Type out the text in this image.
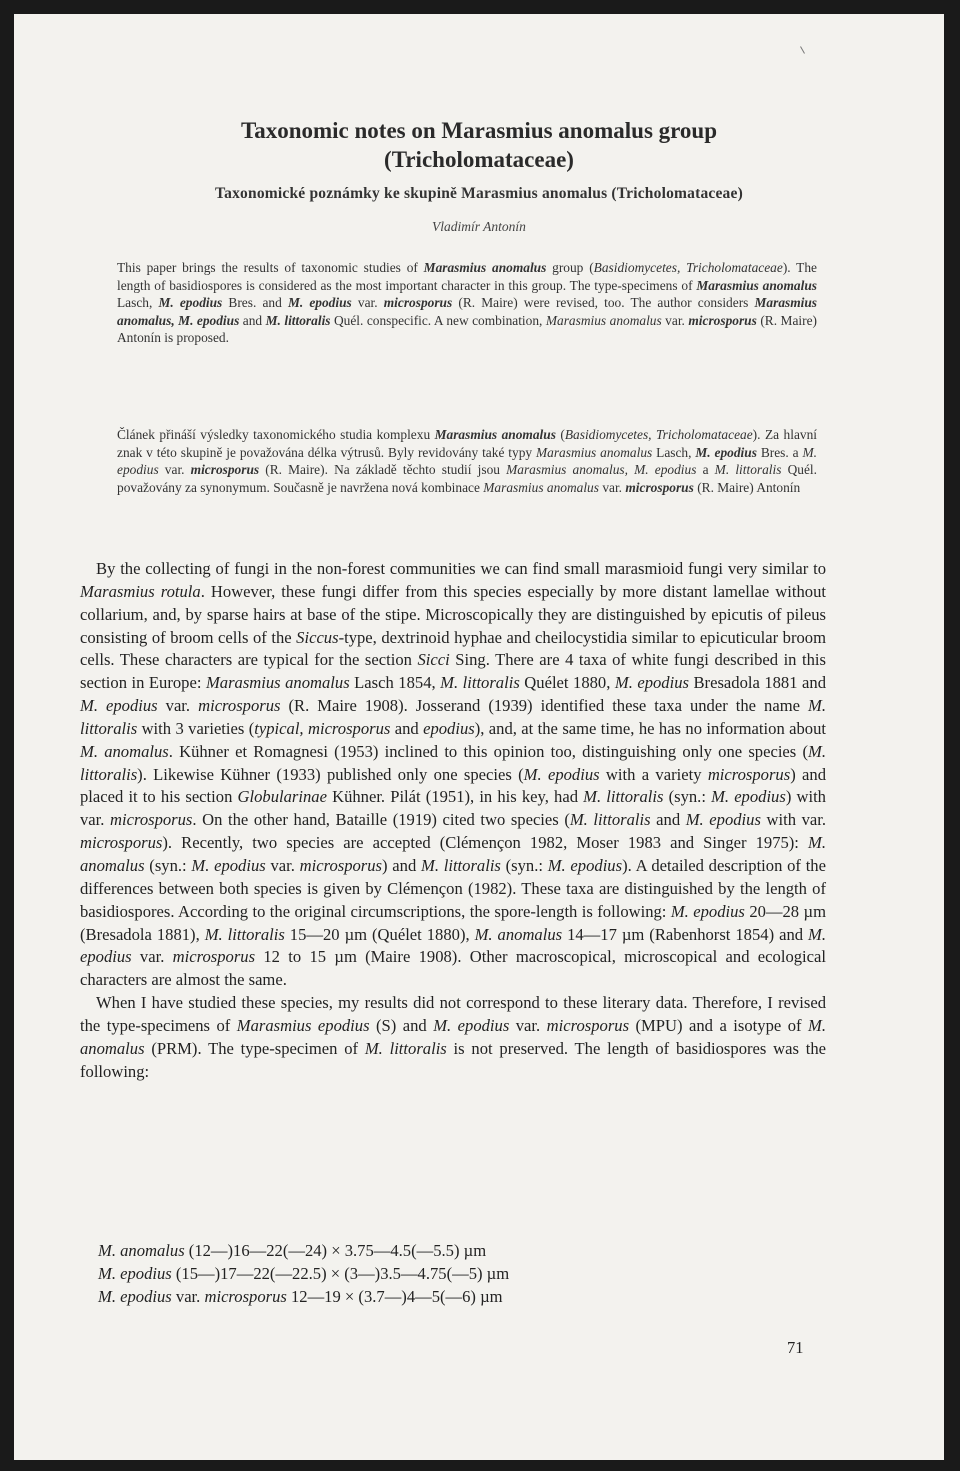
Taxonomic notes on Marasmius anomalus group
(Tricholomataceae)
Taxonomické poznámky ke skupině Marasmius anomalus (Tricholomataceae)
Vladimír Antonín
This paper brings the results of taxonomic studies of Marasmius anomalus group (Basidiomycetes, Tricholomataceae). The length of basidiospores is considered as the most important character in this group. The type-specimens of Marasmius anomalus Lasch, M. epodius Bres. and M. epodius var. microsporus (R. Maire) were revised, too. The author considers Marasmius anomalus, M. epodius and M. littoralis Quél. conspecific. A new combination, Marasmius anomalus var. microsporus (R. Maire) Antonín is proposed.
Článek přináší výsledky taxonomického studia komplexu Marasmius anomalus (Basidiomycetes, Tricholomataceae). Za hlavní znak v této skupině je považována délka výtrusů. Byly revidovány také typy Marasmius anomalus Lasch, M. epodius Bres. a M. epodius var. microsporus (R. Maire). Na základě těchto studií jsou Marasmius anomalus, M. epodius a M. littoralis Quél. považovány za synonymum. Současně je navržena nová kombinace Marasmius anomalus var. microsporus (R. Maire) Antonín

By the collecting of fungi in the non-forest communities we can find small marasmioid fungi very similar to Marasmius rotula. However, these fungi differ from this species especially by more distant lamellae without collarium, and, by sparse hairs at base of the stipe. Microscopically they are distinguished by epicutis of pileus consisting of broom cells of the Siccus-type, dextrinoid hyphae and cheilocystidia similar to epicuticular broom cells. These characters are typical for the section Sicci Sing. There are 4 taxa of white fungi described in this section in Europe: Marasmius anomalus Lasch 1854, M. littoralis Quélet 1880, M. epodius Bresadola 1881 and M. epodius var. microsporus (R. Maire 1908). Josserand (1939) identified these taxa under the name M. littoralis with 3 varieties (typical, microsporus and epodius), and, at the same time, he has no information about M. anomalus. Kühner et Romagnesi (1953) inclined to this opinion too, distinguishing only one species (M. littoralis). Likewise Kühner (1933) published only one species (M. epodius with a variety microsporus) and placed it to his section Globularinae Kühner. Pilát (1951), in his key, had M. littoralis (syn.: M. epodius) with var. microsporus. On the other hand, Bataille (1919) cited two species (M. littoralis and M. epodius with var. microsporus). Recently, two species are accepted (Clémençon 1982, Moser 1983 and Singer 1975): M. anomalus (syn.: M. epodius var. microsporus) and M. littoralis (syn.: M. epodius). A detailed description of the differences between both species is given by Clémençon (1982). These taxa are distinguished by the length of basidiospores. According to the original circumscriptions, the spore-length is following: M. epodius 20—28 µm (Bresadola 1881), M. littoralis 15—20 µm (Quélet 1880), M. anomalus 14—17 µm (Rabenhorst 1854) and M. epodius var. microsporus 12 to 15 µm (Maire 1908). Other macroscopical, microscopical and ecological characters are almost the same.

When I have studied these species, my results did not correspond to these literary data. Therefore, I revised the type-specimens of Marasmius epodius (S) and M. epodius var. microsporus (MPU) and a isotype of M. anomalus (PRM). The type-specimen of M. littoralis is not preserved. The length of basidiospores was the following:

M. anomalus (12—)16—22(—24) × 3.75—4.5(—5.5) µm
M. epodius (15—)17—22(—22.5) × (3—)3.5—4.75(—5) µm
M. epodius var. microsporus 12—19 × (3.7—)4—5(—6) µm
71
